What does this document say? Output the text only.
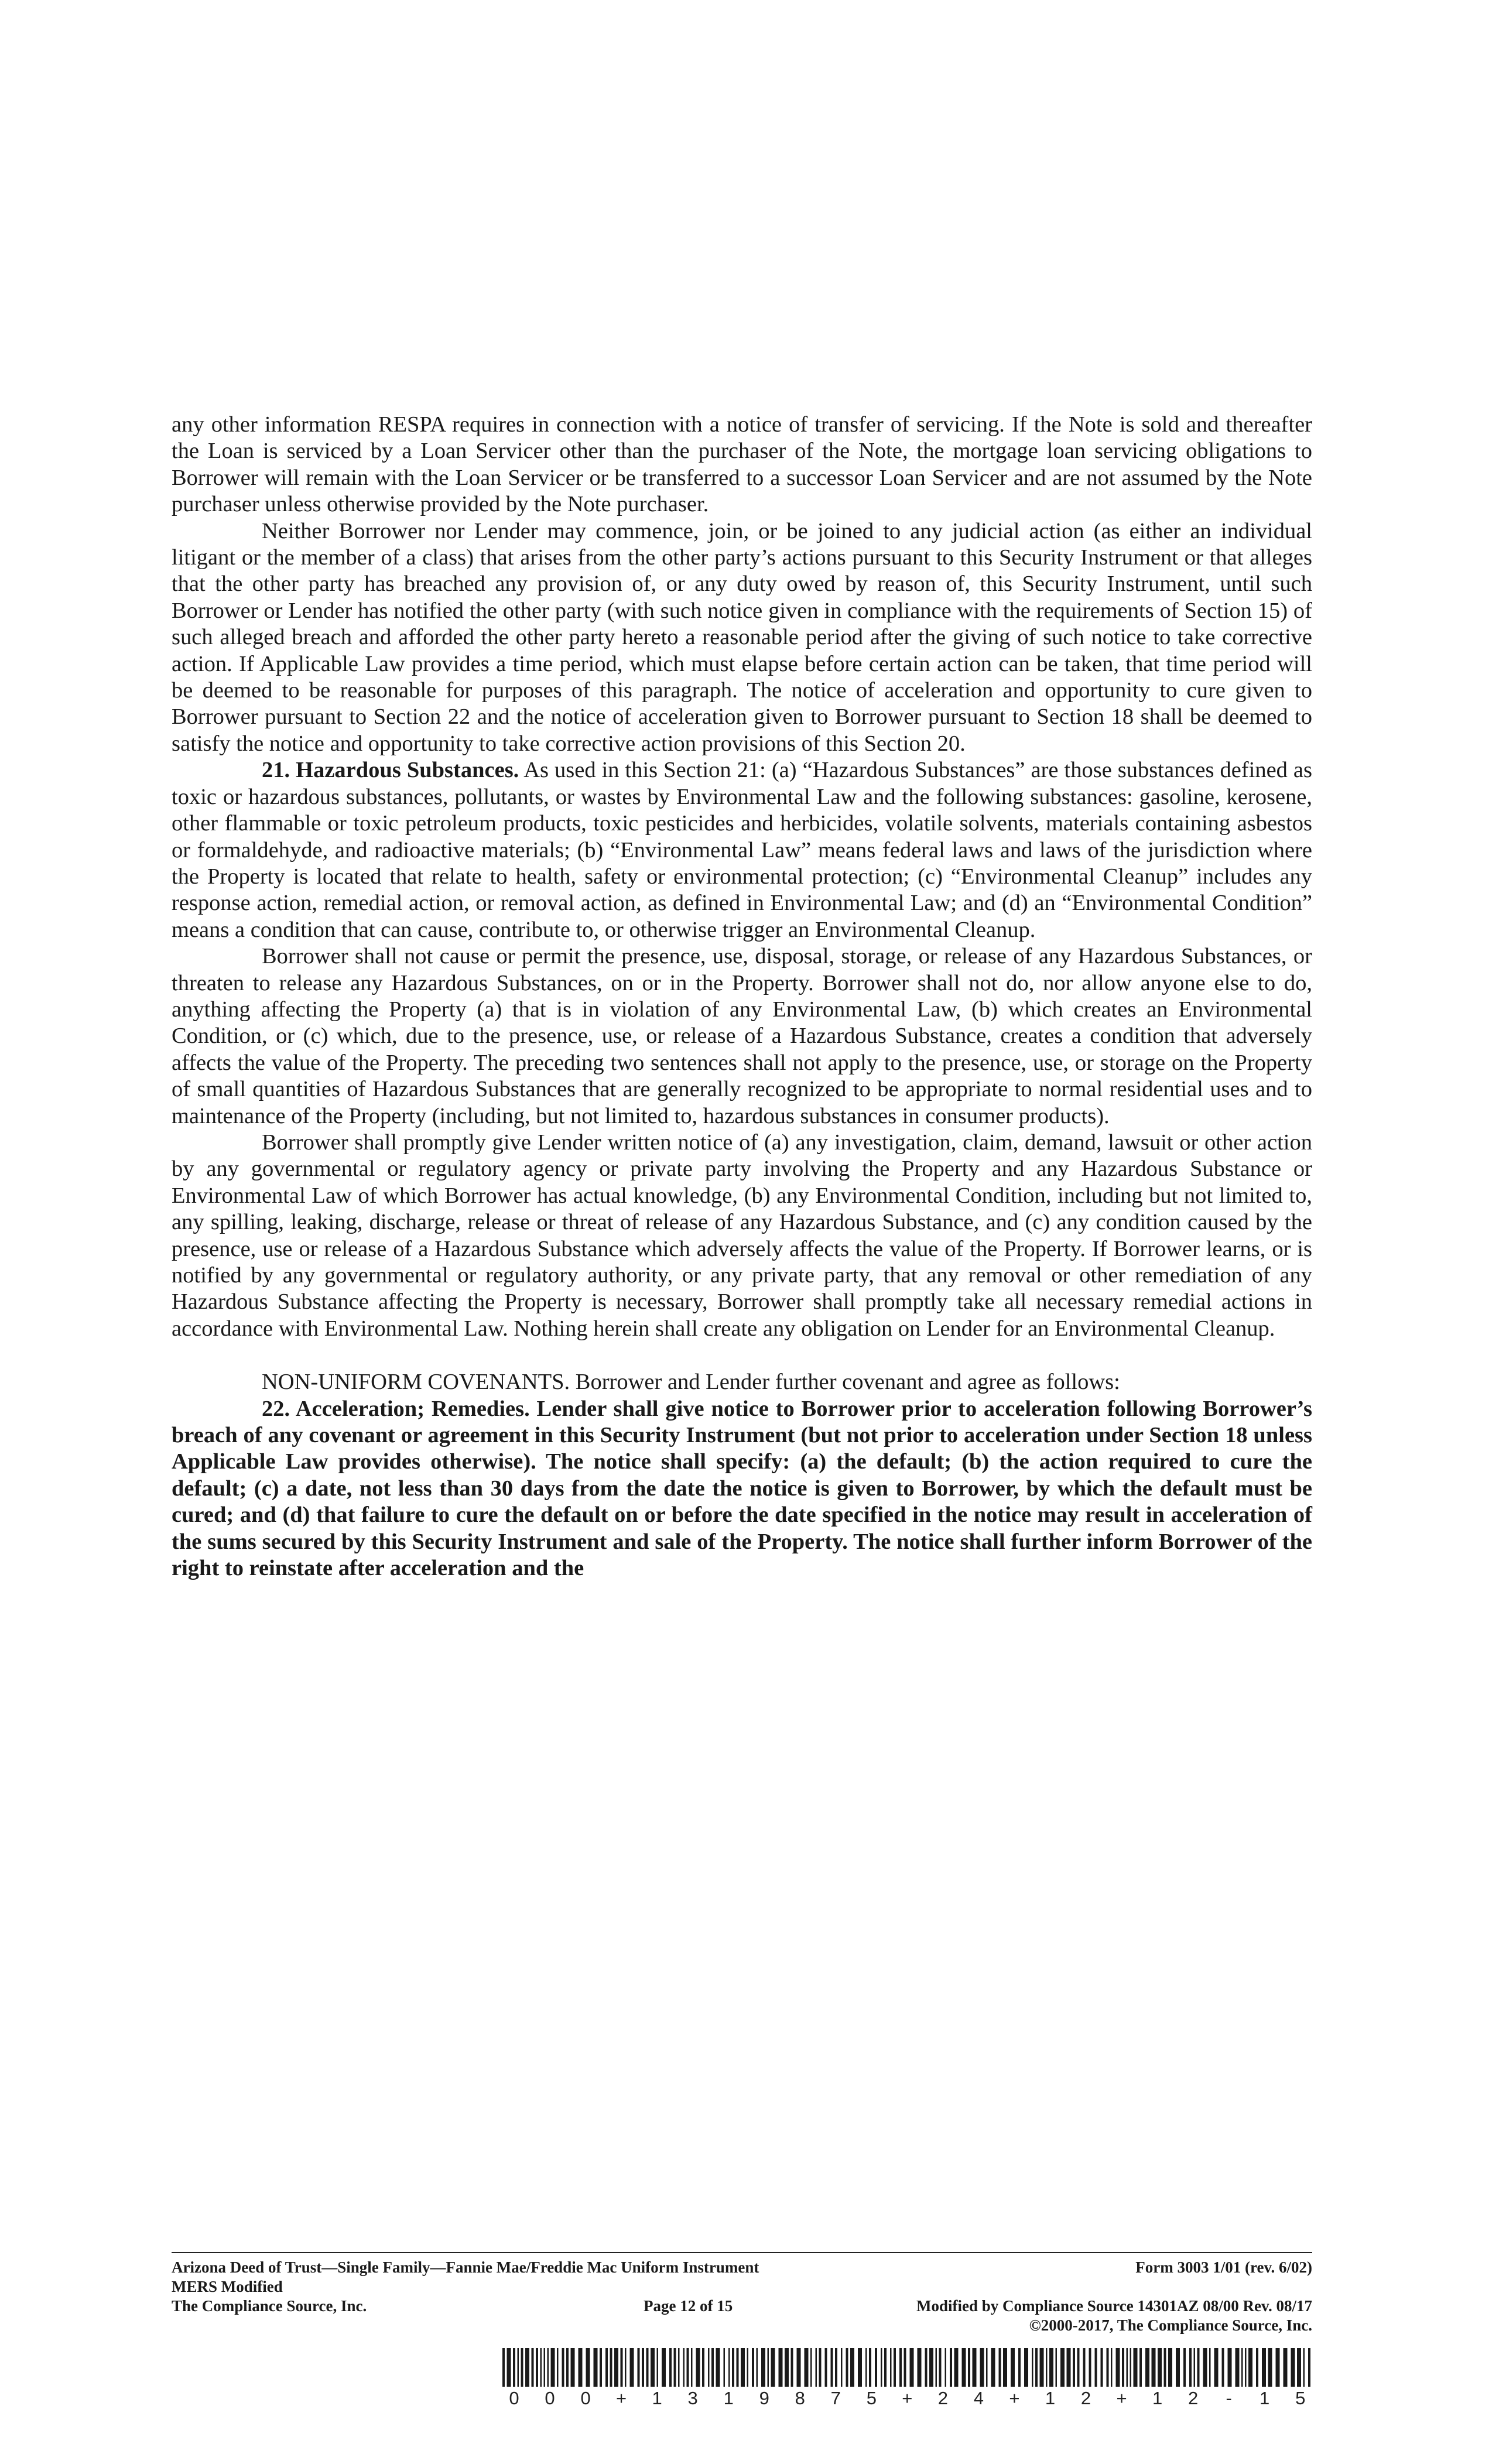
any other information RESPA requires in connection with a notice of transfer of servicing. If the Note is sold and thereafter the Loan is serviced by a Loan Servicer other than the purchaser of the Note, the mortgage loan servicing obligations to Borrower will remain with the Loan Servicer or be transferred to a successor Loan Servicer and are not assumed by the Note purchaser unless otherwise provided by the Note purchaser.

Neither Borrower nor Lender may commence, join, or be joined to any judicial action (as either an individual litigant or the member of a class) that arises from the other party’s actions pursuant to this Security Instrument or that alleges that the other party has breached any provision of, or any duty owed by reason of, this Security Instrument, until such Borrower or Lender has notified the other party (with such notice given in compliance with the requirements of Section 15) of such alleged breach and afforded the other party hereto a reasonable period after the giving of such notice to take corrective action. If Applicable Law provides a time period, which must elapse before certain action can be taken, that time period will be deemed to be reasonable for purposes of this paragraph. The notice of acceleration and opportunity to cure given to Borrower pursuant to Section 22 and the notice of acceleration given to Borrower pursuant to Section 18 shall be deemed to satisfy the notice and opportunity to take corrective action provisions of this Section 20.

21. Hazardous Substances. As used in this Section 21: (a) “Hazardous Substances” are those substances defined as toxic or hazardous substances, pollutants, or wastes by Environmental Law and the following substances: gasoline, kerosene, other flammable or toxic petroleum products, toxic pesticides and herbicides, volatile solvents, materials containing asbestos or formaldehyde, and radioactive materials; (b) “Environmental Law” means federal laws and laws of the jurisdiction where the Property is located that relate to health, safety or environmental protection; (c) “Environmental Cleanup” includes any response action, remedial action, or removal action, as defined in Environmental Law; and (d) an “Environmental Condition” means a condition that can cause, contribute to, or otherwise trigger an Environmental Cleanup.

Borrower shall not cause or permit the presence, use, disposal, storage, or release of any Hazardous Substances, or threaten to release any Hazardous Substances, on or in the Property. Borrower shall not do, nor allow anyone else to do, anything affecting the Property (a) that is in violation of any Environmental Law, (b) which creates an Environmental Condition, or (c) which, due to the presence, use, or release of a Hazardous Substance, creates a condition that adversely affects the value of the Property. The preceding two sentences shall not apply to the presence, use, or storage on the Property of small quantities of Hazardous Substances that are generally recognized to be appropriate to normal residential uses and to maintenance of the Property (including, but not limited to, hazardous substances in consumer products).

Borrower shall promptly give Lender written notice of (a) any investigation, claim, demand, lawsuit or other action by any governmental or regulatory agency or private party involving the Property and any Hazardous Substance or Environmental Law of which Borrower has actual knowledge, (b) any Environmental Condition, including but not limited to, any spilling, leaking, discharge, release or threat of release of any Hazardous Substance, and (c) any condition caused by the presence, use or release of a Hazardous Substance which adversely affects the value of the Property. If Borrower learns, or is notified by any governmental or regulatory authority, or any private party, that any removal or other remediation of any Hazardous Substance affecting the Property is necessary, Borrower shall promptly take all necessary remedial actions in accordance with Environmental Law. Nothing herein shall create any obligation on Lender for an Environmental Cleanup.

NON-UNIFORM COVENANTS. Borrower and Lender further covenant and agree as follows:

22. Acceleration; Remedies. Lender shall give notice to Borrower prior to acceleration following Borrower’s breach of any covenant or agreement in this Security Instrument (but not prior to acceleration under Section 18 unless Applicable Law provides otherwise). The notice shall specify: (a) the default; (b) the action required to cure the default; (c) a date, not less than 30 days from the date the notice is given to Borrower, by which the default must be cured; and (d) that failure to cure the default on or before the date specified in the notice may result in acceleration of the sums secured by this Security Instrument and sale of the Property. The notice shall further inform Borrower of the right to reinstate after acceleration and the

Arizona Deed of Trust—Single Family—Fannie Mae/Freddie Mac Uniform Instrument	Form 3003 1/01 (rev. 6/02)
MERS Modified
The Compliance Source, Inc.	Page 12 of 15	Modified by Compliance Source 14301AZ 08/00 Rev. 08/17
©2000-2017, The Compliance Source, Inc.
0	0	0	+	1	3	1	9	8	7	5	+	2	4	+	1	2	+	1	2	-	1	5
